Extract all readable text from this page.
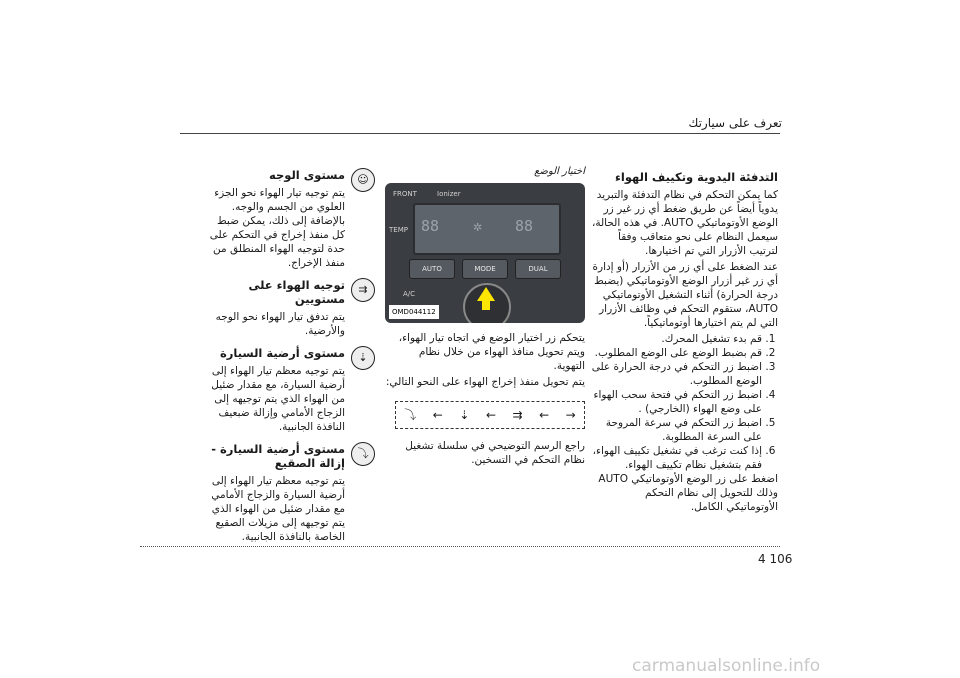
تعرف على سيارتك
التدفئة اليدوية وتكييف الهواء
كما يمكن التحكم في نظام التدفئة والتبريد يدوياً أيضاً عن طريق ضغط أي زر غير زر الوضع الأوتوماتيكي AUTO. في هذه الحالة، سيعمل النظام على نحو متعاقب وفقاً لترتيب الأزرار التي تم اختيارها.
عند الضغط على أي زر من الأزرار (أو إدارة أي زر غير أزرار الوضع الأوتوماتيكي (يضبط درجة الحرارة) أثناء التشغيل الأوتوماتيكي AUTO، ستقوم التحكم في وظائف الأزرار التي لم يتم اختيارها أوتوماتيكياً.
1. قم بدء تشغيل المحرك.
2. قم بضبط الوضع على الوضع المطلوب.
3. اضبط زر التحكم في درجة الحرارة على الوضع المطلوب.
4. اضبط زر التحكم في فتحة سحب الهواء على وضع الهواء (الخارجي) .
5. اضبط زر التحكم في سرعة المروحة على السرعة المطلوبة.
6. إذا كنت ترغب في تشغيل تكييف الهواء، فقم بتشغيل نظام تكييف الهواء.
اضغط على زر الوضع الأوتوماتيكي AUTO وذلك للتحويل إلى نظام التحكم الأوتوماتيكي الكامل.
اختيار الوضع
FRONT	Ionizer
TEMP 88 ✲ 88
AUTO	MODE	DUAL
A/C
OMD044112
يتحكم زر اختيار الوضع في اتجاه تيار الهواء، ويتم تحويل منافذ الهواء من خلال نظام التهوية.
يتم تحويل منفذ إخراج الهواء على النحو التالي:
⤵ ← ⇣ ← ⇉ ← →
راجع الرسم التوضيحي في سلسلة تشغيل نظام التحكم في التسخين.
☺
مستوى الوجه
يتم توجيه تيار الهواء نحو الجزء العلوي من الجسم والوجه. بالإضافة إلى ذلك، يمكن ضبط كل منفذ إخراج في التحكم على حدة لتوجيه الهواء المنطلق من منفذ الإخراج.
⇉
توجيه الهواء على مستويين
يتم تدفق تيار الهواء نحو الوجه والأرضية.
⇣
مستوى أرضية السيارة
يتم توجيه معظم تيار الهواء إلى أرضية السيارة، مع مقدار ضئيل من الهواء الذي يتم توجيهه إلى الزجاج الأمامي وإزالة ضبعيف النافذة الجانبية.
⤵
مستوى أرضية السيارة - إزالة الصقيع
يتم توجيه معظم تيار الهواء إلى أرضية السيارة والزجاج الأمامي مع مقدار ضئيل من الهواء الذي يتم توجيهه إلى مزيلات الصقيع الخاصة بالنافذة الجانبية.
4 106
carmanualsonline.info
